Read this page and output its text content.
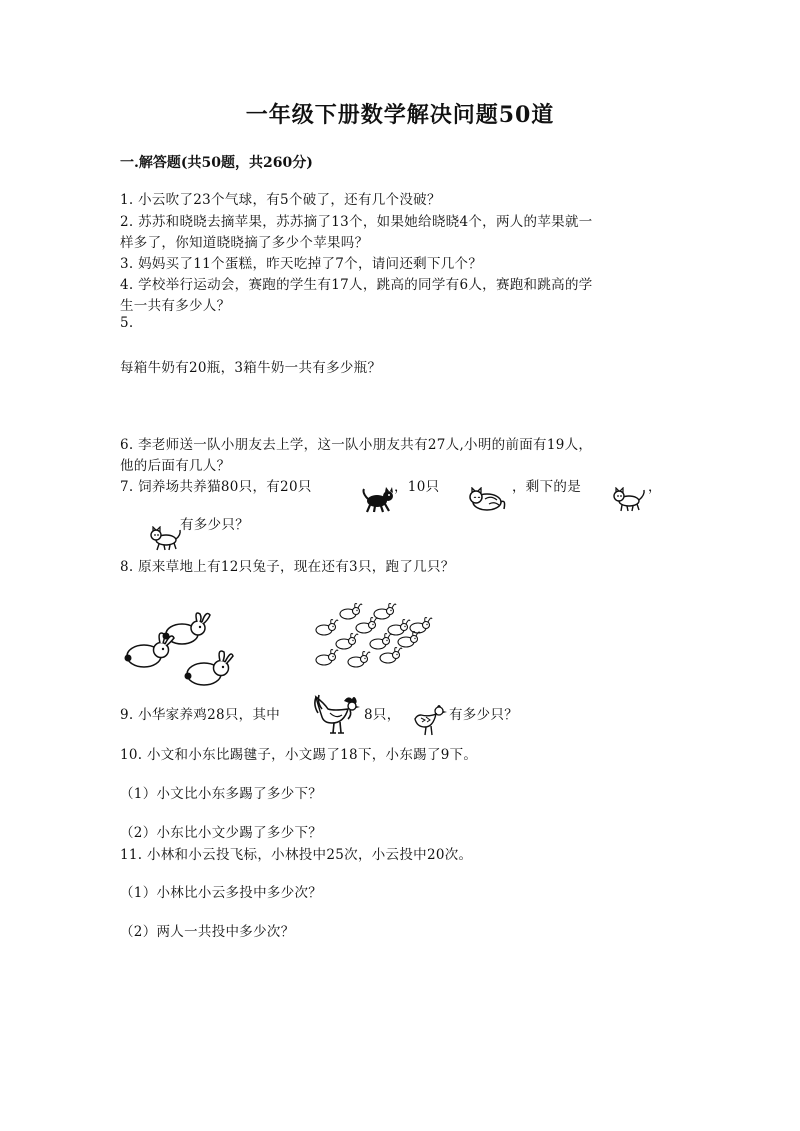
一年级下册数学解决问题50道
一.解答题(共50题，共260分)
1. 小云吹了23个气球，有5个破了，还有几个没破？
2. 苏苏和晓晓去摘苹果，苏苏摘了13个，如果她给晓晓4个，两人的苹果就一
样多了，你知道晓晓摘了多少个苹果吗？
3. 妈妈买了11个蛋糕，昨天吃掉了7个，请问还剩下几个？
4. 学校举行运动会，赛跑的学生有17人，跳高的同学有6人，赛跑和跳高的学
生一共有多少人？
5.
每箱牛奶有20瓶，3箱牛奶一共有多少瓶？
6. 李老师送一队小朋友去上学，这一队小朋友共有27人,小明的前面有19人，
他的后面有几人？
7. 饲养场共养猫80只，有20只	，10只	，剩下的是	，
有多少只？
8. 原来草地上有12只兔子，现在还有3只，跑了几只？
9. 小华家养鸡28只，其中	8只，	有多少只？
10. 小文和小东比踢毽子，小文踢了18下，小东踢了9下。
（1）小文比小东多踢了多少下？
（2）小东比小文少踢了多少下？
11. 小林和小云投飞标，小林投中25次，小云投中20次。
（1）小林比小云多投中多少次？
（2）两人一共投中多少次？
